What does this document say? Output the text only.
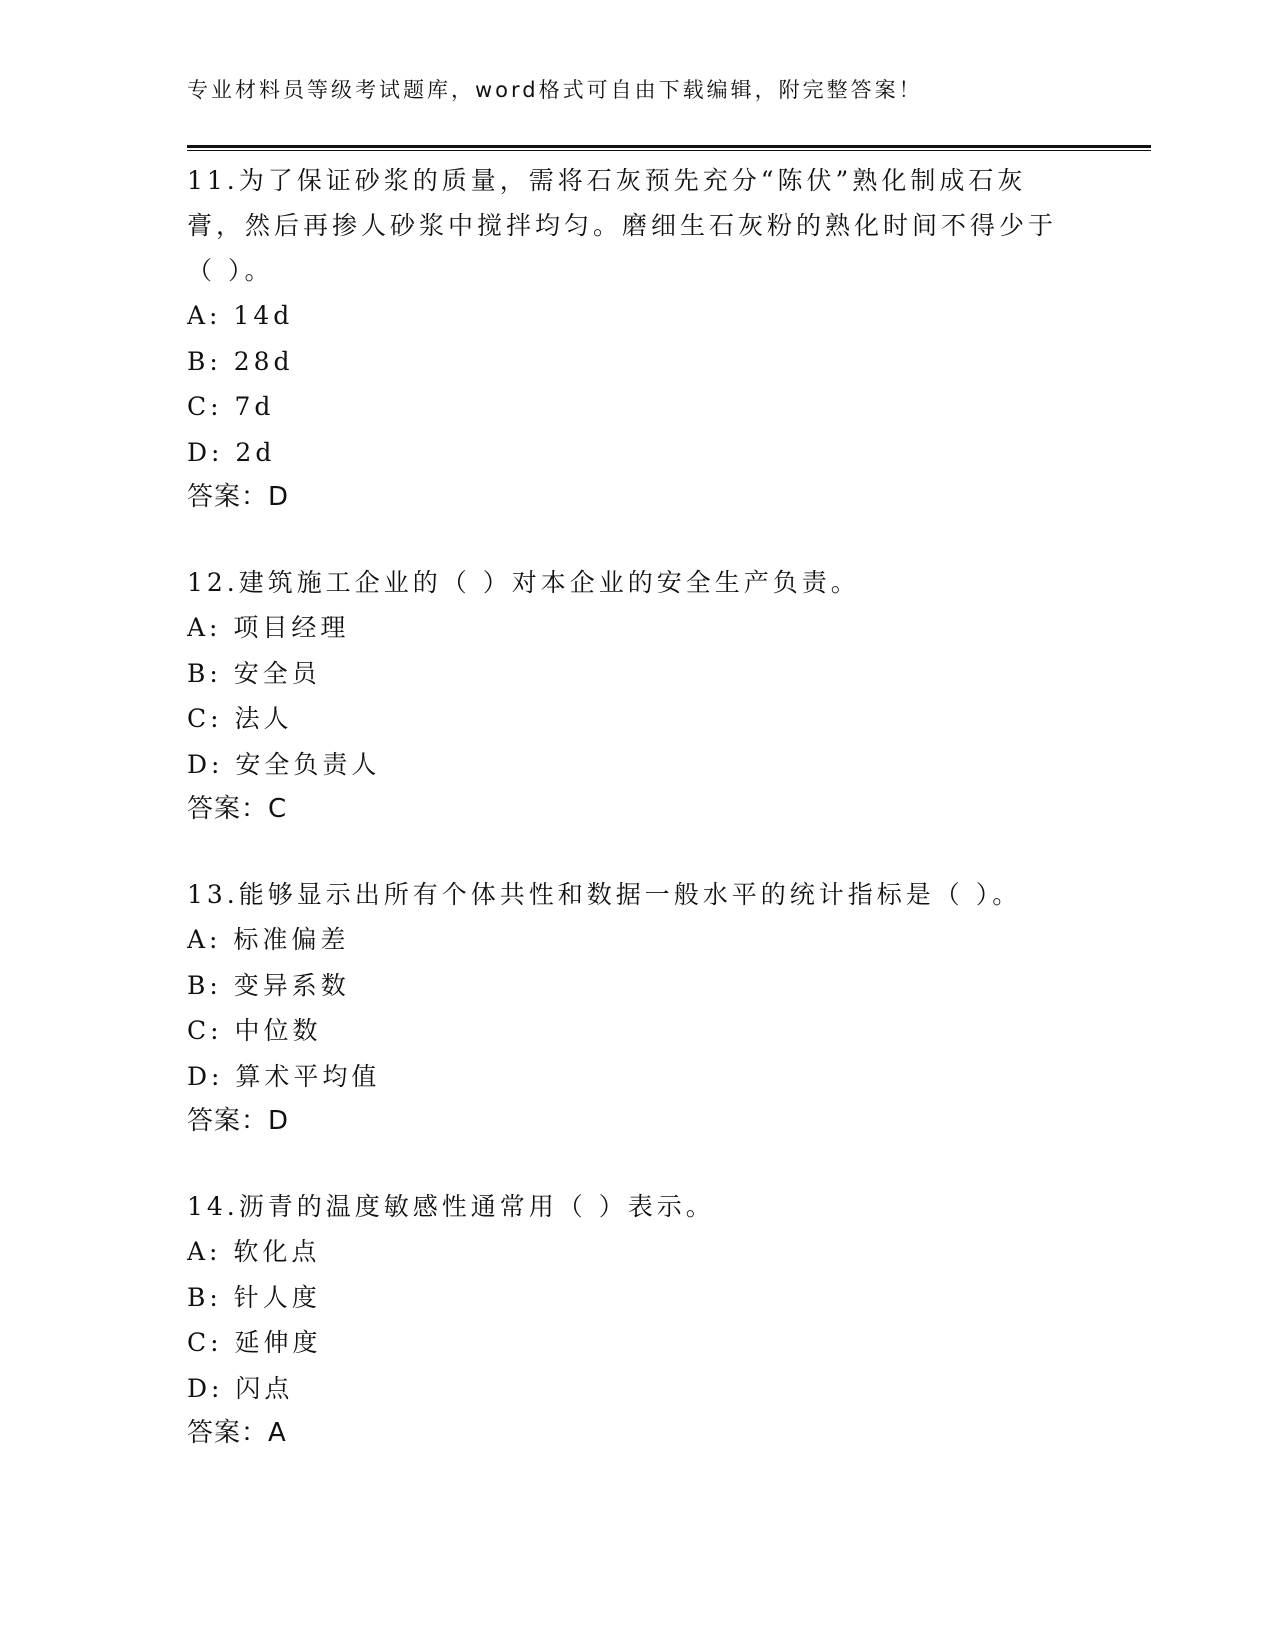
专业材料员等级考试题库，word格式可自由下载编辑，附完整答案！

11.为了保证砂浆的质量，需将石灰预先充分“陈伏”熟化制成石灰膏，然后再掺人砂浆中搅拌均匀。磨细生石灰粉的熟化时间不得少于（ ）。

A: 14d

B: 28d

C: 7d

D: 2d

答案：D

12.建筑施工企业的（ ）对本企业的安全生产负责。

A: 项目经理

B: 安全员

C: 法人

D: 安全负责人

答案：C

13.能够显示出所有个体共性和数据一般水平的统计指标是（ ）。

A: 标准偏差

B: 变异系数

C: 中位数

D: 算术平均值

答案：D

14.沥青的温度敏感性通常用（ ）表示。

A: 软化点

B: 针人度

C: 延伸度

D: 闪点

答案：A
